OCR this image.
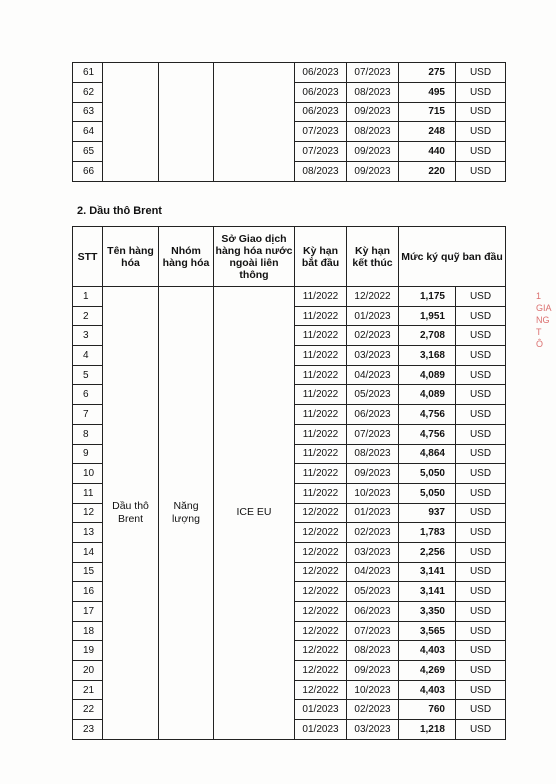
61				06/2023	07/2023	275	USD
62				06/2023	08/2023	495	USD
63				06/2023	09/2023	715	USD
64				07/2023	08/2023	248	USD
65				07/2023	09/2023	440	USD
66				08/2023	09/2023	220	USD
2. Dầu thô Brent
STT	Tên hàng hóa	Nhóm hàng hóa	Sở Giao dịch hàng hóa nước ngoài liên thông	Kỳ hạn bắt đầu	Kỳ hạn kết thúc	Mức ký quỹ ban đầu	
1	Dầu thô Brent	Năng lượng	ICE EU	11/2022	12/2022	1,175	USD
2				11/2022	01/2023	1,951	USD
3				11/2022	02/2023	2,708	USD
4				11/2022	03/2023	3,168	USD
5				11/2022	04/2023	4,089	USD
6				11/2022	05/2023	4,089	USD
7				11/2022	06/2023	4,756	USD
8				11/2022	07/2023	4,756	USD
9				11/2022	08/2023	4,864	USD
10				11/2022	09/2023	5,050	USD
11				11/2022	10/2023	5,050	USD
12				12/2022	01/2023	937	USD
13				12/2022	02/2023	1,783	USD
14				12/2022	03/2023	2,256	USD
15				12/2022	04/2023	3,141	USD
16				12/2022	05/2023	3,141	USD
17				12/2022	06/2023	3,350	USD
18				12/2022	07/2023	3,565	USD
19				12/2022	08/2023	4,403	USD
20				12/2022	09/2023	4,269	USD
21				12/2022	10/2023	4,403	USD
22				01/2023	02/2023	760	USD
23				01/2023	03/2023	1,218	USD
1
GIA
NG
T
Ô
